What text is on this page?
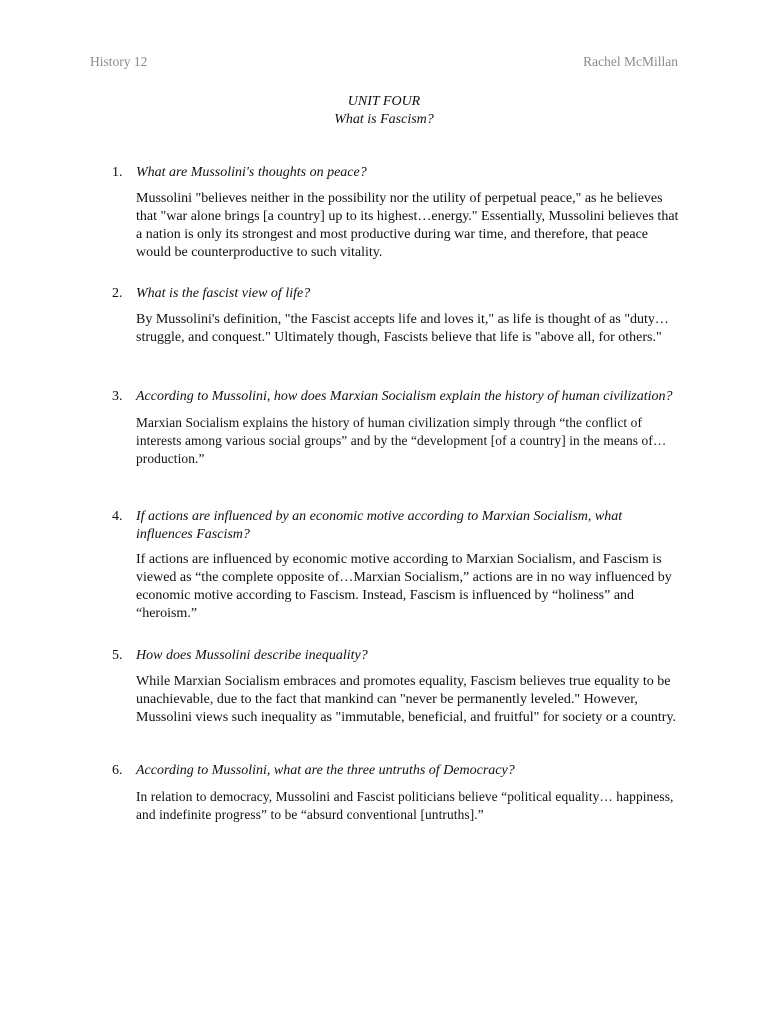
History 12	Rachel McMillan
UNIT FOUR
What is Fascism?
1. What are Mussolini's thoughts on peace?
Mussolini "believes neither in the possibility nor the utility of perpetual peace," as he believes that "war alone brings [a country] up to its highest…energy." Essentially, Mussolini believes that a nation is only its strongest and most productive during war time, and therefore, that peace would be counterproductive to such vitality.
2. What is the fascist view of life?
By Mussolini's definition, "the Fascist accepts life and loves it," as life is thought of as "duty…struggle, and conquest." Ultimately though, Fascists believe that life is "above all, for others."
3. According to Mussolini, how does Marxian Socialism explain the history of human civilization?
Marxian Socialism explains the history of human civilization simply through “the conflict of interests among various social groups” and by the “development [of a country] in the means of…production.”
4. If actions are influenced by an economic motive according to Marxian Socialism, what influences Fascism?
If actions are influenced by economic motive according to Marxian Socialism, and Fascism is viewed as “the complete opposite of…Marxian Socialism,” actions are in no way influenced by economic motive according to Fascism. Instead, Fascism is influenced by “holiness” and “heroism.”
5. How does Mussolini describe inequality?
While Marxian Socialism embraces and promotes equality, Fascism believes true equality to be unachievable, due to the fact that mankind can "never be permanently leveled." However, Mussolini views such inequality as "immutable, beneficial, and fruitful" for society or a country.
6. According to Mussolini, what are the three untruths of Democracy?
In relation to democracy, Mussolini and Fascist politicians believe “political equality… happiness, and indefinite progress” to be “absurd conventional [untruths].”
